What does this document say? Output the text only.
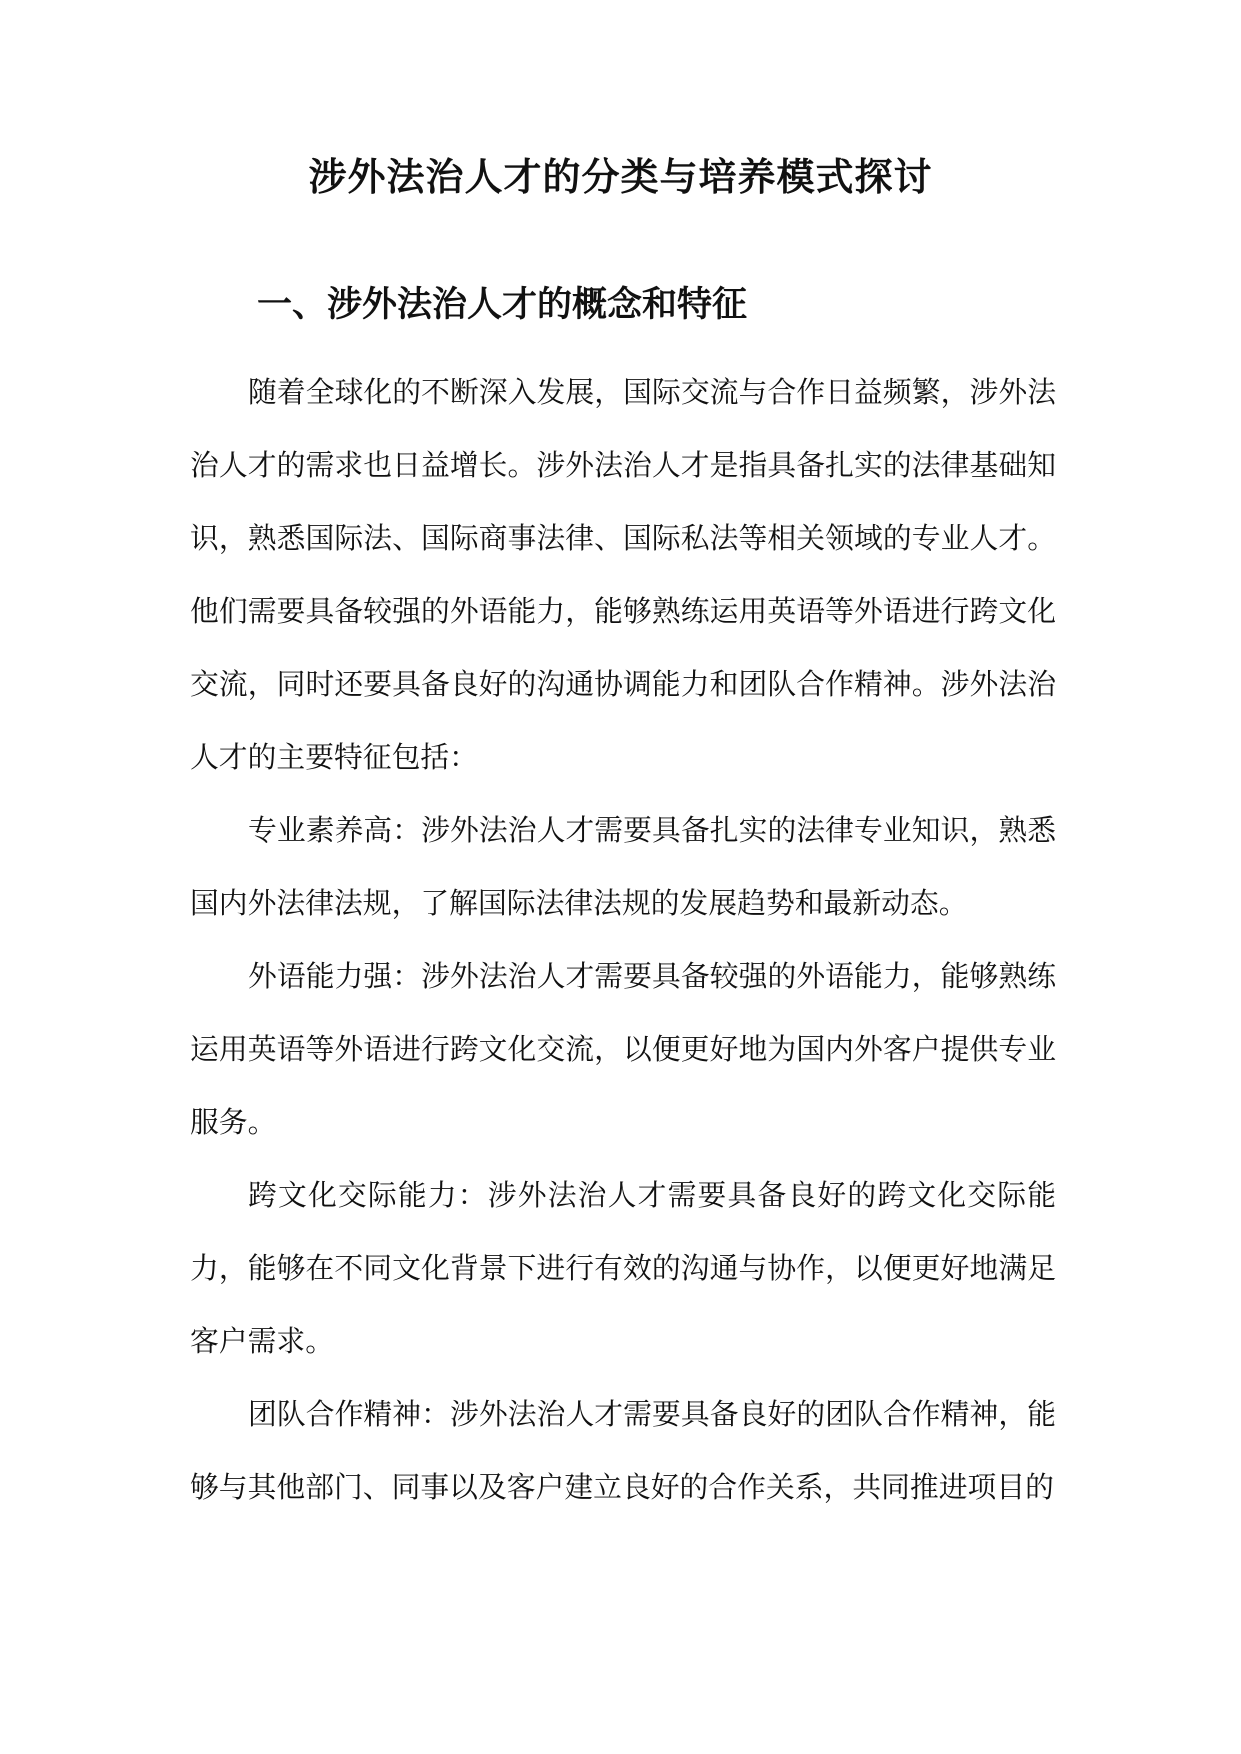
涉外法治人才的分类与培养模式探讨
一、涉外法治人才的概念和特征

随着全球化的不断深入发展，国际交流与合作日益频繁，涉外法治人才的需求也日益增长。涉外法治人才是指具备扎实的法律基础知识，熟悉国际法、国际商事法律、国际私法等相关领域的专业人才。他们需要具备较强的外语能力，能够熟练运用英语等外语进行跨文化交流，同时还要具备良好的沟通协调能力和团队合作精神。涉外法治人才的主要特征包括：

专业素养高：涉外法治人才需要具备扎实的法律专业知识，熟悉国内外法律法规，了解国际法律法规的发展趋势和最新动态。

外语能力强：涉外法治人才需要具备较强的外语能力，能够熟练运用英语等外语进行跨文化交流，以便更好地为国内外客户提供专业服务。

跨文化交际能力：涉外法治人才需要具备良好的跨文化交际能力，能够在不同文化背景下进行有效的沟通与协作，以便更好地满足客户需求。

团队合作精神：涉外法治人才需要具备良好的团队合作精神，能够与其他部门、同事以及客户建立良好的合作关系，共同推进项目的
